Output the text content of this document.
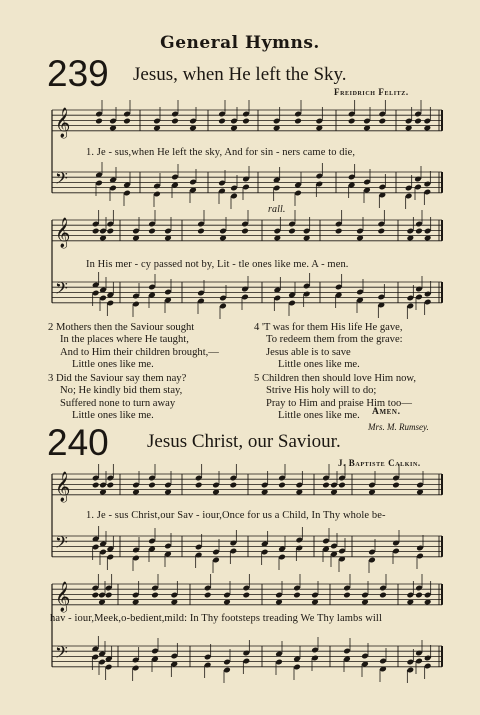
General Hymns.
239 Jesus, when He left the Sky.
Freidrich Felitz.
1. Je - sus,when He left the sky, And for sin - ners came to die,
rall.
In His mer - cy passed not by, Lit - tle ones like me. A - men.
2 Mothers then the Saviour sought
In the places where He taught,
And to Him their children brought,—
Little ones like me.
3 Did the Saviour say them nay?
No; He kindly bid them stay,
Suffered none to turn away
Little ones like me.
4 'T was for them His life He gave,
To redeem them from the grave:
Jesus able is to save
Little ones like me.
5 Children then should love Him now,
Strive His holy will to do;
Pray to Him and praise Him too—
Little ones like me.	Amen.
Mrs. M. Rumsey.
240 Jesus Christ, our Saviour.
J. Baptiste Calkin.
1. Je - sus Christ,our Sav - iour,Once for us a Child, In Thy whole be-
hav - iour,Meek,o-bedient,mild: In Thy footsteps treading We Thy lambs will
𝄞
𝄢
𝄞
𝄢
𝄞
𝄢
𝄞
𝄢
